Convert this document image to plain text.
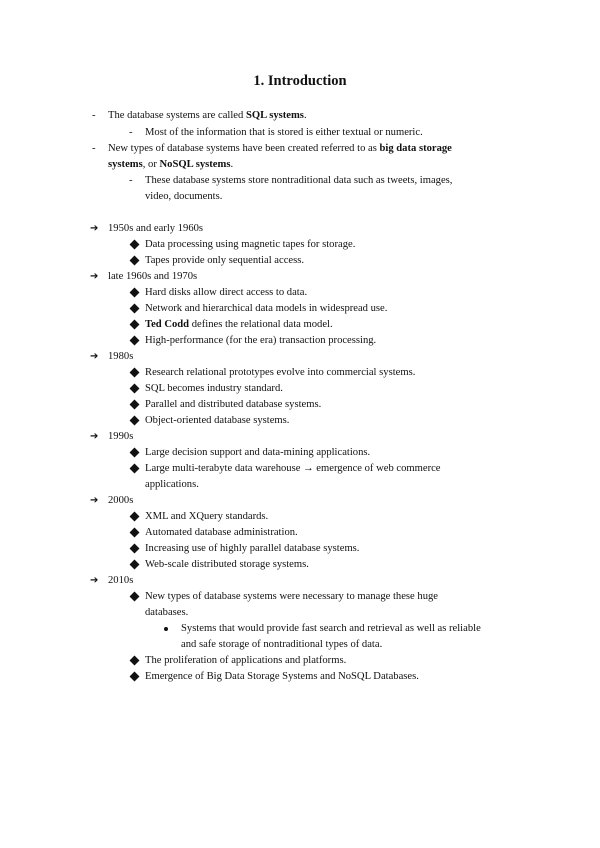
1. Introduction
- The database systems are called SQL systems.
- Most of the information that is stored is either textual or numeric.
- New types of database systems have been created referred to as big data storage
systems, or NoSQL systems.
- These database systems store nontraditional data such as tweets, images,
video, documents.
➔ 1950s and early 1960s
Data processing using magnetic tapes for storage.
Tapes provide only sequential access.
➔ late 1960s and 1970s
Hard disks allow direct access to data.
Network and hierarchical data models in widespread use.
Ted Codd defines the relational data model.
High-performance (for the era) transaction processing.
➔ 1980s
Research relational prototypes evolve into commercial systems.
SQL becomes industry standard.
Parallel and distributed database systems.
Object-oriented database systems.
➔ 1990s
Large decision support and data-mining applications.
Large multi-terabyte data warehouse → emergence of web commerce
applications.
➔ 2000s
XML and XQuery standards.
Automated database administration.
Increasing use of highly parallel database systems.
Web-scale distributed storage systems.
➔ 2010s
New types of database systems were necessary to manage these huge
databases.
Systems that would provide fast search and retrieval as well as reliable
and safe storage of nontraditional types of data.
The proliferation of applications and platforms.
Emergence of Big Data Storage Systems and NoSQL Databases.
